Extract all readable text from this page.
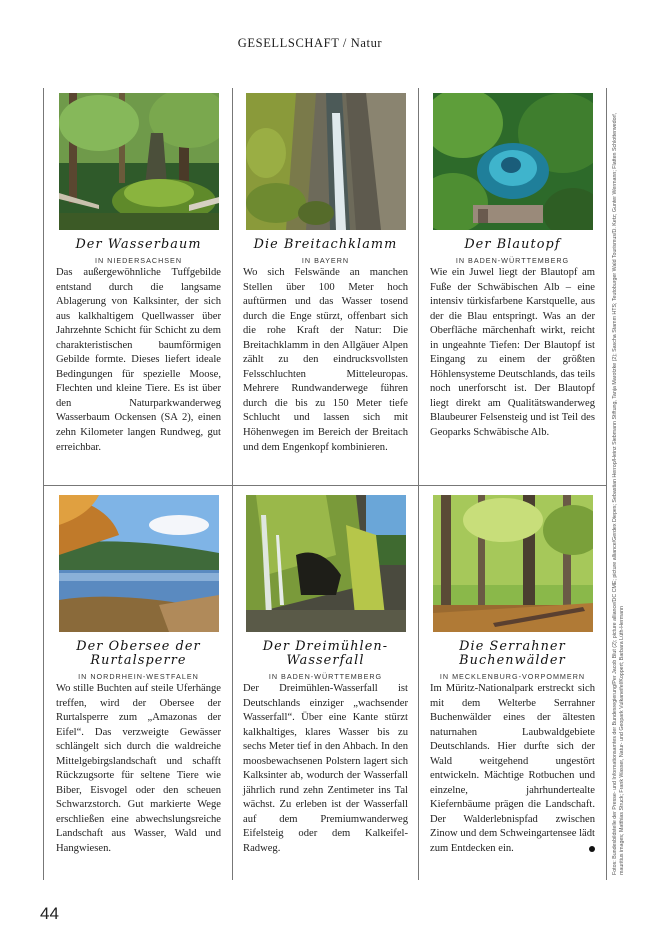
GESELLSCHAFT / Natur
Der Wasserbaum
IN NIEDERSACHSEN
Das außergewöhnliche Tuffgebilde entstand durch die langsame Ablagerung von Kalksinter, der sich aus kalkhaltigem Quellwasser über Jahrzehnte Schicht für Schicht zu dem charakteristischen baumförmigen Gebilde formte. Dieses liefert ideale Bedingungen für spezielle Moose, Flechten und kleine Tiere. Es ist über den Naturparkwanderweg Wasserbaum Ockensen (SA 2), einen zehn Kilometer langen Rundweg, gut erreichbar.
Die Breitachklamm
IN BAYERN
Wo sich Felswände an manchen Stellen über 100 Meter hoch auftürmen und das Wasser tosend durch die Enge stürzt, offenbart sich die rohe Kraft der Natur: Die Breitachklamm in den Allgäuer Alpen zählt zu den eindrucksvollsten Felsschluchten Mitteleuropas. Mehrere Rundwanderwege führen durch die bis zu 150 Meter tiefe Schlucht und lassen sich mit Höhenwegen im Bereich der Breitach und dem Engenkopf kombinieren.
Der Blautopf
IN BADEN-WÜRTTEMBERG
Wie ein Juwel liegt der Blautopf am Fuße der Schwäbischen Alb – eine intensiv türkisfarbene Karstquelle, aus der die Blau entspringt. Was an der Oberfläche märchenhaft wirkt, reicht in ungeahnte Tiefen: Der Blautopf ist Eingang zu einem der größten Höhlensysteme Deutschlands, das teils noch unerforscht ist. Der Blautopf liegt direkt am Qualitätswanderweg Blaubeurer Felsensteig und ist Teil des Geoparks Schwäbische Alb.
Der Obersee der
Rurtalsperre
IN NORDRHEIN-WESTFALEN
Wo stille Buchten auf steile Uferhänge treffen, wird der Obersee der Rurtalsperre zum „Amazonas der Eifel“. Das verzweigte Gewässer schlängelt sich durch die waldreiche Mittelgebirgslandschaft und schafft Rückzugsorte für seltene Tiere wie Biber, Eisvogel oder den scheuen Schwarzstorch. Gut markierte Wege erschließen eine abwechslungsreiche Landschaft aus Wasser, Wald und Hangwiesen.
Der Dreimühlen-
Wasserfall
IN BADEN-WÜRTTEMBERG
Der Dreimühlen-Wasserfall ist Deutschlands einziger „wachsender Wasserfall“. Über eine Kante stürzt kalkhaltiges, klares Wasser bis zu sechs Meter tief in den Ahbach. In den moosbewachsenen Polstern lagert sich Kalksinter ab, wodurch der Wasserfall jährlich rund zehn Zentimeter ins Tal wächst. Zu erleben ist der Wasserfall auf dem Premiumwanderweg Eifelsteig oder dem Kalkeifel-Radweg.
Die Serrahner
Buchenwälder
IN MECKLENBURG-VORPOMMERN
Im Müritz-Nationalpark erstreckt sich mit dem Welterbe Serrahner Buchenwälder eines der ältesten naturnahen Laubwaldgebiete Deutschlands. Hier durfte sich der Wald weitgehend ungestört entwickeln. Mächtige Rotbuchen und einzelne, jahrhundertealte Kiefernbäume prägen die Landschaft. Der Walderlebnispfad zwischen Zinow und dem Schweingartensee lädt zum Entdecken ein.	Fotos: Bundesbildstelle der Presse- und Informationsamtes der Bundesregierung/Per Jacob Blut (2); picture alliance/DC CME; picture alliance/Gerdex Diepes; Sebastian Herrop/Heinz Siebmann Stiftung, Tanja Marotzke (2); Sascha Stamm HTS; Teutoburger Wald Tourismus/D. Ketz; Gunter Wermann; Flatten Schlotterwedorf, mauritius images; Matthias Struck; Frank Wasser, Natur- und Geopark Vulkaneifel/Koppert; Barbara Lüth-Hermann
44
